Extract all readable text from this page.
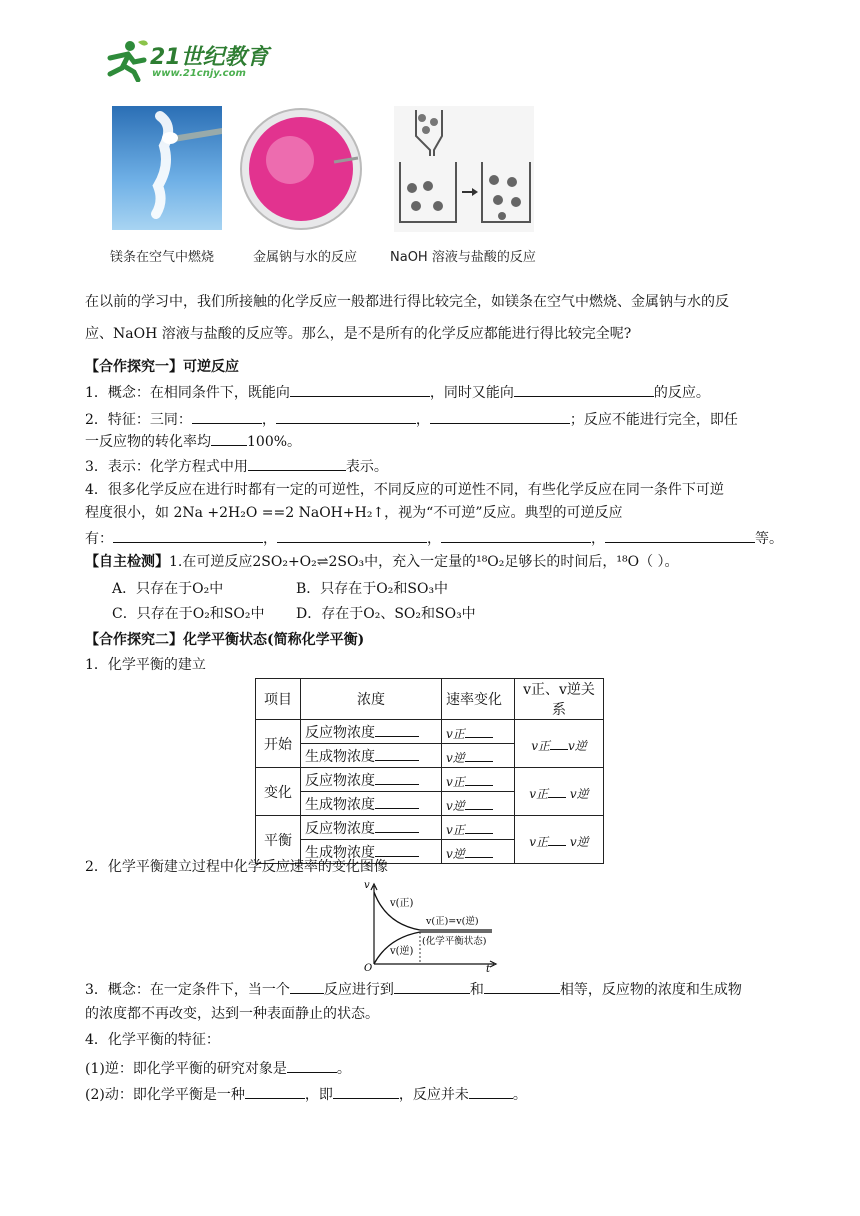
21世纪教育
www.21cnjy.com
镁条在空气中燃烧	金属钠与水的反应	NaOH 溶液与盐酸的反应
在以前的学习中，我们所接触的化学反应一般都进行得比较完全，如镁条在空气中燃烧、金属钠与水的反
应、NaOH 溶液与盐酸的反应等。那么，是不是所有的化学反应都能进行得比较完全呢?
【合作探究一】可逆反应
1．概念：在相同条件下，既能向	，同时又能向	的反应。
2．特征：三同：	，	，	；反应不能进行完全，即任
一反应物的转化率均	100%。
3．表示：化学方程式中用	表示。
4．很多化学反应在进行时都有一定的可逆性，不同反应的可逆性不同，有些化学反应在同一条件下可逆
程度很小，如 2Na +2H₂O ==2 NaOH+H₂↑，视为“不可逆”反应。典型的可逆反应
有：	，	，	，	等。
【自主检测】1.在可逆反应2SO₂+O₂⇌2SO₃中，充入一定量的¹⁸O₂足够长的时间后，¹⁸O（ ）。
A．只存在于O₂中	B．只存在于O₂和SO₃中
C．只存在于O₂和SO₂中 D．存在于O₂、SO₂和SO₃中
【合作探究二】化学平衡状态(简称化学平衡)
1．化学平衡的建立
项目	浓度	速率变化	v正、v逆关系
开始	反应物浓度	v正	v正 v逆
	生成物浓度	v逆	
变化	反应物浓度	v正	v正 v逆
	生成物浓度	v逆	
平衡	反应物浓度	v正	v正 v逆
	生成物浓度	v逆	
2．化学平衡建立过程中化学反应速率的变化图像
v
t
O
v(正)
v(逆)
v(正)=v(逆)
(化学平衡状态)
3．概念：在一定条件下，当一个 反应进行到	和	相等，反应物的浓度和生成物
的浓度都不再改变，达到一种表面静止的状态。
4．化学平衡的特征：
(1)逆：即化学平衡的研究对象是	。
(2)动：即化学平衡是一种	，即	，反应并未	。
